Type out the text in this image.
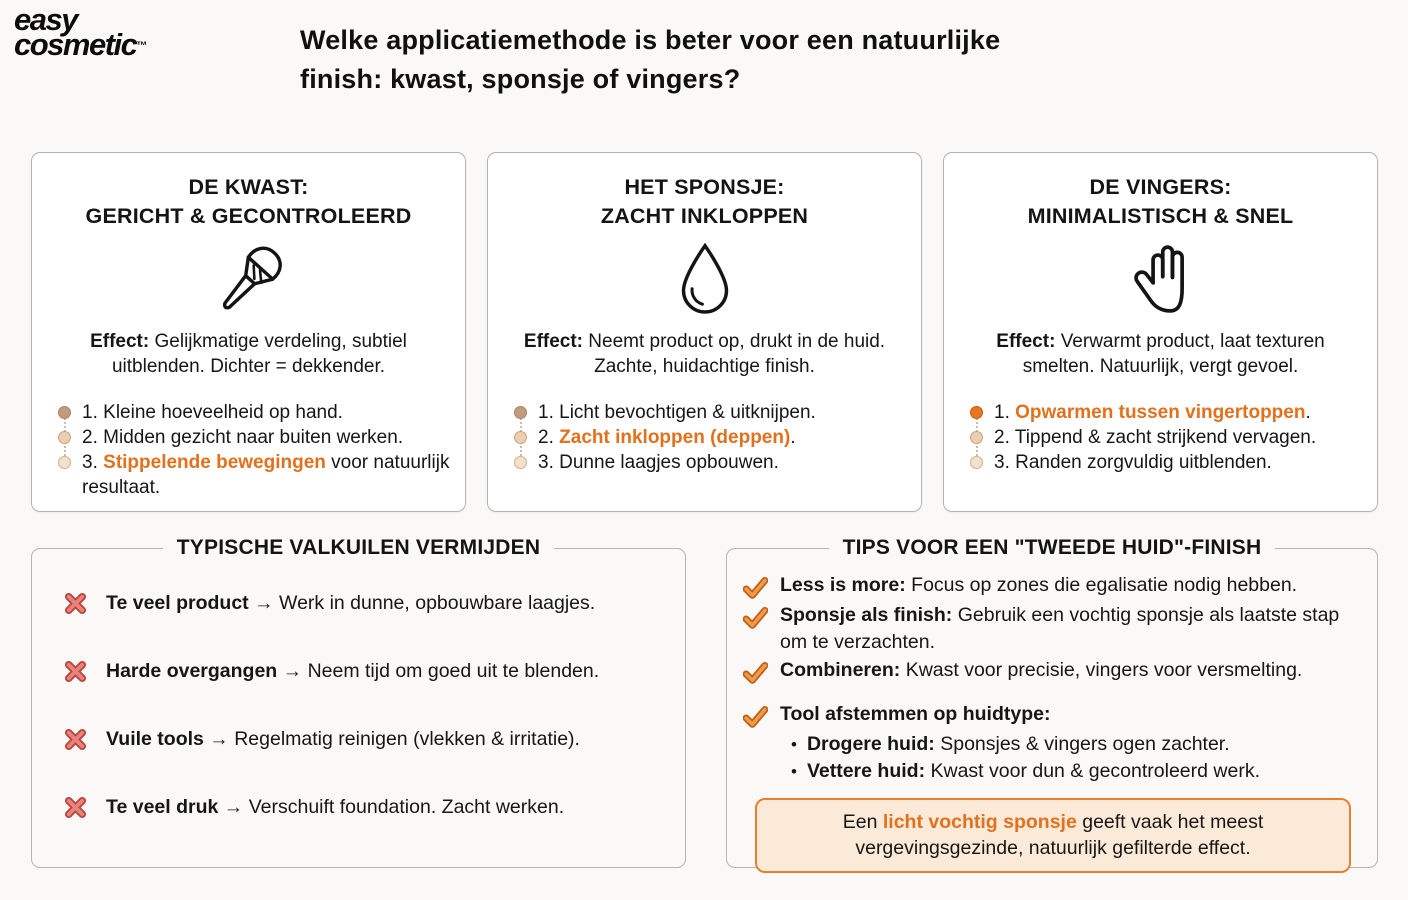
easy
cosmetic™	Welke applicatiemethode is beter voor een natuurlijke
finish: kwast, sponsje of vingers?
DE KWAST:
GERICHT & GECONTROLEERD
Effect: Gelijkmatige verdeling, subtiel uitblenden. Dichter = dekkender.
1. Kleine hoeveelheid op hand.
2. Midden gezicht naar buiten werken.
3. Stippelende bewegingen voor natuurlijk resultaat.
HET SPONSJE:
ZACHT INKLOPPEN
Effect: Neemt product op, drukt in de huid. Zachte, huidachtige finish.
1. Licht bevochtigen & uitknijpen.
2. Zacht inkloppen (deppen).
3. Dunne laagjes opbouwen.
DE VINGERS:
MINIMALISTISCH & SNEL
Effect: Verwarmt product, laat texturen smelten. Natuurlijk, vergt gevoel.
1. Opwarmen tussen vingertoppen.
2. Tippend & zacht strijkend vervagen.
3. Randen zorgvuldig uitblenden.
TYPISCHE VALKUILEN VERMIJDEN
Te veel product → Werk in dunne, opbouwbare laagjes.
Harde overgangen → Neem tijd om goed uit te blenden.
Vuile tools → Regelmatig reinigen (vlekken & irritatie).
Te veel druk → Verschuift foundation. Zacht werken.
TIPS VOOR EEN "TWEEDE HUID"-FINISH
Less is more: Focus op zones die egalisatie nodig hebben.
Sponsje als finish: Gebruik een vochtig sponsje als laatste stap om te verzachten.
Combineren: Kwast voor precisie, vingers voor versmelting.
Tool afstemmen op huidtype:
• Drogere huid: Sponsjes & vingers ogen zachter.
• Vettere huid: Kwast voor dun & gecontroleerd werk.
Een licht vochtig sponsje geeft vaak het meest vergevingsgezinde, natuurlijk gefilterde effect.
